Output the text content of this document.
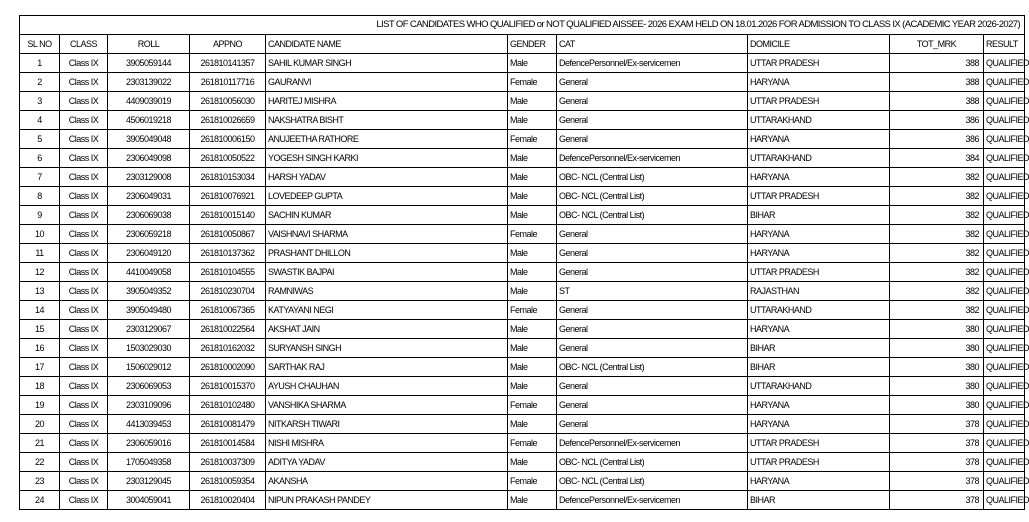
LIST OF CANDIDATES WHO QUALIFIED or NOT QUALIFIED AISSEE- 2026 EXAM HELD ON 18.01.2026 FOR ADMISSION TO CLASS IX (ACADEMIC YEAR 2026-2027)									
SL NO	CLASS	ROLL	APPNO	CANDIDATE NAME	GENDER	CAT	DOMICILE	TOT_MRK	RESULT
1	Class IX	3905059144	261810141357	SAHIL KUMAR SINGH	Male	DefencePersonnel/Ex-servicemen	UTTAR PRADESH	388	QUALIFIED
2	Class IX	2303139022	261810117716	GAURANVI	Female	General	HARYANA	388	QUALIFIED
3	Class IX	4409039019	261810056030	HARITEJ MISHRA	Male	General	UTTAR PRADESH	388	QUALIFIED
4	Class IX	4506019218	261810026659	NAKSHATRA BISHT	Male	General	UTTARAKHAND	386	QUALIFIED
5	Class IX	3905049048	261810006150	ANUJEETHA RATHORE	Female	General	HARYANA	386	QUALIFIED
6	Class IX	2306049098	261810050522	YOGESH SINGH KARKI	Male	DefencePersonnel/Ex-servicemen	UTTARAKHAND	384	QUALIFIED
7	Class IX	2303129008	261810153034	HARSH YADAV	Male	OBC- NCL (Central List)	HARYANA	382	QUALIFIED
8	Class IX	2306049031	261810076921	LOVEDEEP GUPTA	Male	OBC- NCL (Central List)	UTTAR PRADESH	382	QUALIFIED
9	Class IX	2306069038	261810015140	SACHIN KUMAR	Male	OBC- NCL (Central List)	BIHAR	382	QUALIFIED
10	Class IX	2306059218	261810050867	VAISHNAVI SHARMA	Female	General	HARYANA	382	QUALIFIED
11	Class IX	2306049120	261810137362	PRASHANT DHILLON	Male	General	HARYANA	382	QUALIFIED
12	Class IX	4410049058	261810104555	SWASTIK BAJPAI	Male	General	UTTAR PRADESH	382	QUALIFIED
13	Class IX	3905049352	261810230704	RAMNIWAS	Male	ST	RAJASTHAN	382	QUALIFIED
14	Class IX	3905049480	261810067365	KATYAYANI NEGI	Female	General	UTTARAKHAND	382	QUALIFIED
15	Class IX	2303129067	261810022564	AKSHAT JAIN	Male	General	HARYANA	380	QUALIFIED
16	Class IX	1503029030	261810162032	SURYANSH SINGH	Male	General	BIHAR	380	QUALIFIED
17	Class IX	1506029012	261810002090	SARTHAK RAJ	Male	OBC- NCL (Central List)	BIHAR	380	QUALIFIED
18	Class IX	2306069053	261810015370	AYUSH CHAUHAN	Male	General	UTTARAKHAND	380	QUALIFIED
19	Class IX	2303109096	261810102480	VANSHIKA SHARMA	Female	General	HARYANA	380	QUALIFIED
20	Class IX	4413039453	261810081479	NITKARSH TIWARI	Male	General	HARYANA	378	QUALIFIED
21	Class IX	2306059016	261810014584	NISHI MISHRA	Female	DefencePersonnel/Ex-servicemen	UTTAR PRADESH	378	QUALIFIED
22	Class IX	1705049358	261810037309	ADITYA YADAV	Male	OBC- NCL (Central List)	UTTAR PRADESH	378	QUALIFIED
23	Class IX	2303129045	261810059354	AKANSHA	Female	OBC- NCL (Central List)	HARYANA	378	QUALIFIED
24	Class IX	3004059041	261810020404	NIPUN PRAKASH PANDEY	Male	DefencePersonnel/Ex-servicemen	BIHAR	378	QUALIFIED
